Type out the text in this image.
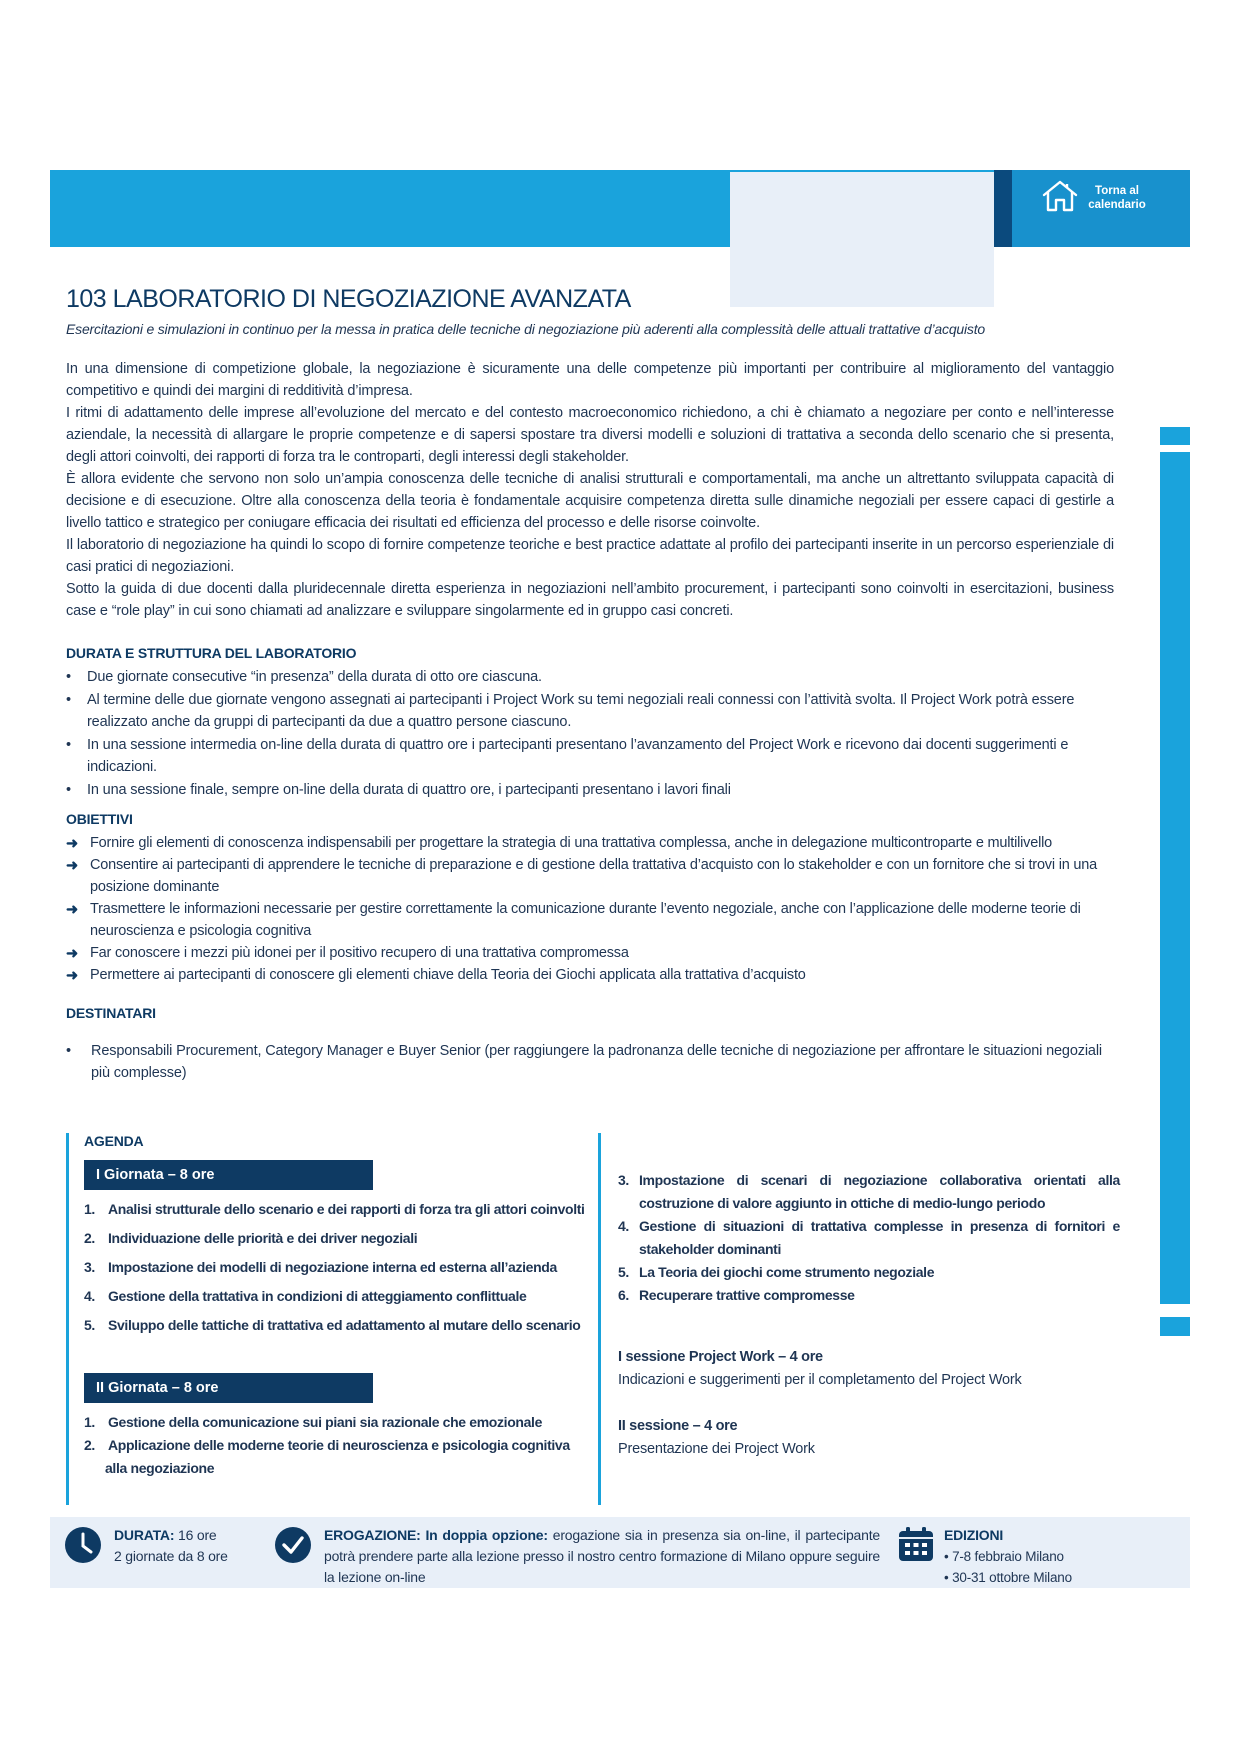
Torna al
calendario
103 LABORATORIO DI NEGOZIAZIONE AVANZATA
Esercitazioni e simulazioni in continuo per la messa in pratica delle tecniche di negoziazione più aderenti alla complessità delle attuali trattative d’acquisto

In una dimensione di competizione globale, la negoziazione è sicuramente una delle competenze più importanti per contribuire al miglioramento del vantaggio competitivo e quindi dei margini di redditività d’impresa.

I ritmi di adattamento delle imprese all’evoluzione del mercato e del contesto macroeconomico richiedono, a chi è chiamato a negoziare per conto e nell’interesse aziendale, la necessità di allargare le proprie competenze e di sapersi spostare tra diversi modelli e soluzioni di trattativa a seconda dello scenario che si presenta, degli attori coinvolti, dei rapporti di forza tra le controparti, degli interessi degli stakeholder.

È allora evidente che servono non solo un’ampia conoscenza delle tecniche di analisi strutturali e comportamentali, ma anche un altrettanto sviluppata capacità di decisione e di esecuzione. Oltre alla conoscenza della teoria è fondamentale acquisire competenza diretta sulle dinamiche negoziali per essere capaci di gestirle a livello tattico e strategico per coniugare efficacia dei risultati ed efficienza del processo e delle risorse coinvolte.

Il laboratorio di negoziazione ha quindi lo scopo di fornire competenze teoriche e best practice adattate al profilo dei partecipanti inserite in un percorso esperienziale di casi pratici di negoziazioni.

Sotto la guida di due docenti dalla pluridecennale diretta esperienza in negoziazioni nell’ambito procurement, i partecipanti sono coinvolti in esercitazioni, business case e “role play” in cui sono chiamati ad analizzare e sviluppare singolarmente ed in gruppo casi concreti.

DURATA E STRUTTURA DEL LABORATORIO
• Due giornate consecutive “in presenza” della durata di otto ore ciascuna.
• Al termine delle due giornate vengono assegnati ai partecipanti i Project Work su temi negoziali reali connessi con l’attività svolta. Il Project Work potrà essere realizzato anche da gruppi di partecipanti da due a quattro persone ciascuno.
• In una sessione intermedia on-line della durata di quattro ore i partecipanti presentano l’avanzamento del Project Work e ricevono dai docenti suggerimenti e indicazioni.
• In una sessione finale, sempre on-line della durata di quattro ore, i partecipanti presentano i lavori finali
OBIETTIVI
➜ Fornire gli elementi di conoscenza indispensabili per progettare la strategia di una trattativa complessa, anche in delegazione multicontroparte e multilivello
➜ Consentire ai partecipanti di apprendere le tecniche di preparazione e di gestione della trattativa d’acquisto con lo stakeholder e con un fornitore che si trovi in una posizione dominante
➜ Trasmettere le informazioni necessarie per gestire correttamente la comunicazione durante l’evento negoziale, anche con l’applicazione delle moderne teorie di neuroscienza e psicologia cognitiva
➜ Far conoscere i mezzi più idonei per il positivo recupero di una trattativa compromessa
➜ Permettere ai partecipanti di conoscere gli elementi chiave della Teoria dei Giochi applicata alla trattativa d’acquisto
DESTINATARI
• Responsabili Procurement, Category Manager e Buyer Senior (per raggiungere la padronanza delle tecniche di negoziazione per affrontare le situazioni negoziali più complesse)
AGENDA
I Giornata – 8 ore
1. Analisi strutturale dello scenario e dei rapporti di forza tra gli attori coinvolti
2. Individuazione delle priorità e dei driver negoziali
3. Impostazione dei modelli di negoziazione interna ed esterna all’azienda
4. Gestione della trattativa in condizioni di atteggiamento conflittuale
5. Sviluppo delle tattiche di trattativa ed adattamento al mutare dello scenario
II Giornata – 8 ore
1. Gestione della comunicazione sui piani sia razionale che emozionale
2. Applicazione delle moderne teorie di neuroscienza e psicologia cognitiva alla negoziazione
3. Impostazione di scenari di negoziazione collaborativa orientati alla costruzione di valore aggiunto in ottiche di medio-lungo periodo
4. Gestione di situazioni di trattativa complesse in presenza di fornitori e stakeholder dominanti
5. La Teoria dei giochi come strumento negoziale
6. Recuperare trattive compromesse
I sessione Project Work – 4 ore
Indicazioni e suggerimenti per il completamento del Project Work
II sessione – 4 ore
Presentazione dei Project Work
DURATA: 16 ore
2 giornate da 8 ore
EROGAZIONE: In doppia opzione: erogazione sia in presenza sia on-line, il partecipante potrà prendere parte alla lezione presso il nostro centro formazione di Milano oppure seguire la lezione on-line
EDIZIONI
• 7-8 febbraio Milano
• 30-31 ottobre Milano
